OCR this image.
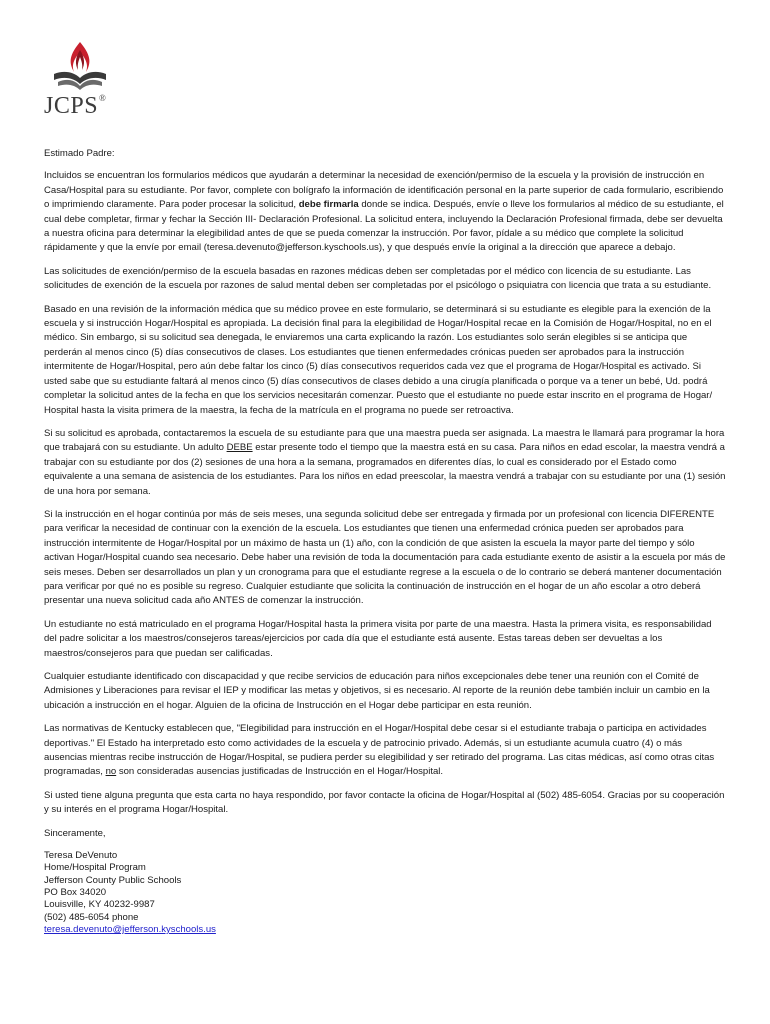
JCPS®

Estimado Padre:

Incluidos se encuentran los formularios médicos que ayudarán a determinar la necesidad de exención/permiso de la escuela y la provisión de instrucción en Casa/Hospital para su estudiante. Por favor, complete con bolígrafo la información de identificación personal en la parte superior de cada formulario, escribiendo o imprimiendo claramente. Para poder procesar la solicitud, debe firmarla donde se indica. Después, envíe o lleve los formularios al médico de su estudiante, el cual debe completar, firmar y fechar la Sección III- Declaración Profesional. La solicitud entera, incluyendo la Declaración Profesional firmada, debe ser devuelta a nuestra oficina para determinar la elegibilidad antes de que se pueda comenzar la instrucción. Por favor, pídale a su médico que complete la solicitud rápidamente y que la envíe por email (teresa.devenuto@jefferson.kyschools.us), y que después envíe la original a la dirección que aparece a debajo.

Las solicitudes de exención/permiso de la escuela basadas en razones médicas deben ser completadas por el médico con licencia de su estudiante. Las solicitudes de exención de la escuela por razones de salud mental deben ser completadas por el psicólogo o psiquiatra con licencia que trata a su estudiante.

Basado en una revisión de la información médica que su médico provee en este formulario, se determinará si su estudiante es elegible para la exención de la escuela y si instrucción Hogar/Hospital es apropiada. La decisión final para la elegibilidad de Hogar/Hospital recae en la Comisión de Hogar/Hospital, no en el médico. Sin embargo, si su solicitud sea denegada, le enviaremos una carta explicando la razón. Los estudiantes solo serán elegibles si se anticipa que perderán al menos cinco (5) días consecutivos de clases. Los estudiantes que tienen enfermedades crónicas pueden ser aprobados para la instrucción intermitente de Hogar/Hospital, pero aún debe faltar los cinco (5) días consecutivos requeridos cada vez que el programa de Hogar/Hospital es activado. Si usted sabe que su estudiante faltará al menos cinco (5) días consecutivos de clases debido a una cirugía planificada o porque va a tener un bebé, Ud. podrá completar la solicitud antes de la fecha en que los servicios necesitarán comenzar. Puesto que el estudiante no puede estar inscrito en el programa de Hogar/ Hospital hasta la visita primera de la maestra, la fecha de la matrícula en el programa no puede ser retroactiva.

Si su solicitud es aprobada, contactaremos la escuela de su estudiante para que una maestra pueda ser asignada. La maestra le llamará para programar la hora que trabajará con su estudiante. Un adulto DEBE estar presente todo el tiempo que la maestra está en su casa. Para niños en edad escolar, la maestra vendrá a trabajar con su estudiante por dos (2) sesiones de una hora a la semana, programados en diferentes días, lo cual es considerado por el Estado como equivalente a una semana de asistencia de los estudiantes. Para los niños en edad preescolar, la maestra vendrá a trabajar con su estudiante por una (1) sesión de una hora por semana.

Si la instrucción en el hogar continúa por más de seis meses, una segunda solicitud debe ser entregada y firmada por un profesional con licencia DIFERENTE para verificar la necesidad de continuar con la exención de la escuela. Los estudiantes que tienen una enfermedad crónica pueden ser aprobados para instrucción intermitente de Hogar/Hospital por un máximo de hasta un (1) año, con la condición de que asisten la escuela la mayor parte del tiempo y sólo activan Hogar/Hospital cuando sea necesario. Debe haber una revisión de toda la documentación para cada estudiante exento de asistir a la escuela por más de seis meses. Deben ser desarrollados un plan y un cronograma para que el estudiante regrese a la escuela o de lo contrario se deberá mantener documentación para verificar por qué no es posible su regreso. Cualquier estudiante que solicita la continuación de instrucción en el hogar de un año escolar a otro deberá presentar una nueva solicitud cada año ANTES de comenzar la instrucción.

Un estudiante no está matriculado en el programa Hogar/Hospital hasta la primera visita por parte de una maestra. Hasta la primera visita, es responsabilidad del padre solicitar a los maestros/consejeros tareas/ejercicios por cada día que el estudiante está ausente. Estas tareas deben ser devueltas a los maestros/consejeros para que puedan ser calificadas.

Cualquier estudiante identificado con discapacidad y que recibe servicios de educación para niños excepcionales debe tener una reunión con el Comité de Admisiones y Liberaciones para revisar el IEP y modificar las metas y objetivos, si es necesario. Al reporte de la reunión debe también incluir un cambio en la ubicación a instrucción en el hogar. Alguien de la oficina de Instrucción en el Hogar debe participar en esta reunión.

Las normativas de Kentucky establecen que, "Elegibilidad para instrucción en el Hogar/Hospital debe cesar si el estudiante trabaja o participa en actividades deportivas." El Estado ha interpretado esto como actividades de la escuela y de patrocinio privado. Además, si un estudiante acumula cuatro (4) o más ausencias mientras recibe instrucción de Hogar/Hospital, se pudiera perder su elegibilidad y ser retirado del programa. Las citas médicas, así como otras citas programadas, no son consideradas ausencias justificadas de Instrucción en el Hogar/Hospital.

Si usted tiene alguna pregunta que esta carta no haya respondido, por favor contacte la oficina de Hogar/Hospital al (502) 485-6054. Gracias por su cooperación y su interés en el programa Hogar/Hospital.

Sinceramente,

Teresa DeVenuto
Home/Hospital Program
Jefferson County Public Schools
PO Box 34020
Louisville, KY 40232-9987
(502) 485-6054 phone
teresa.devenuto@jefferson.kyschools.us
